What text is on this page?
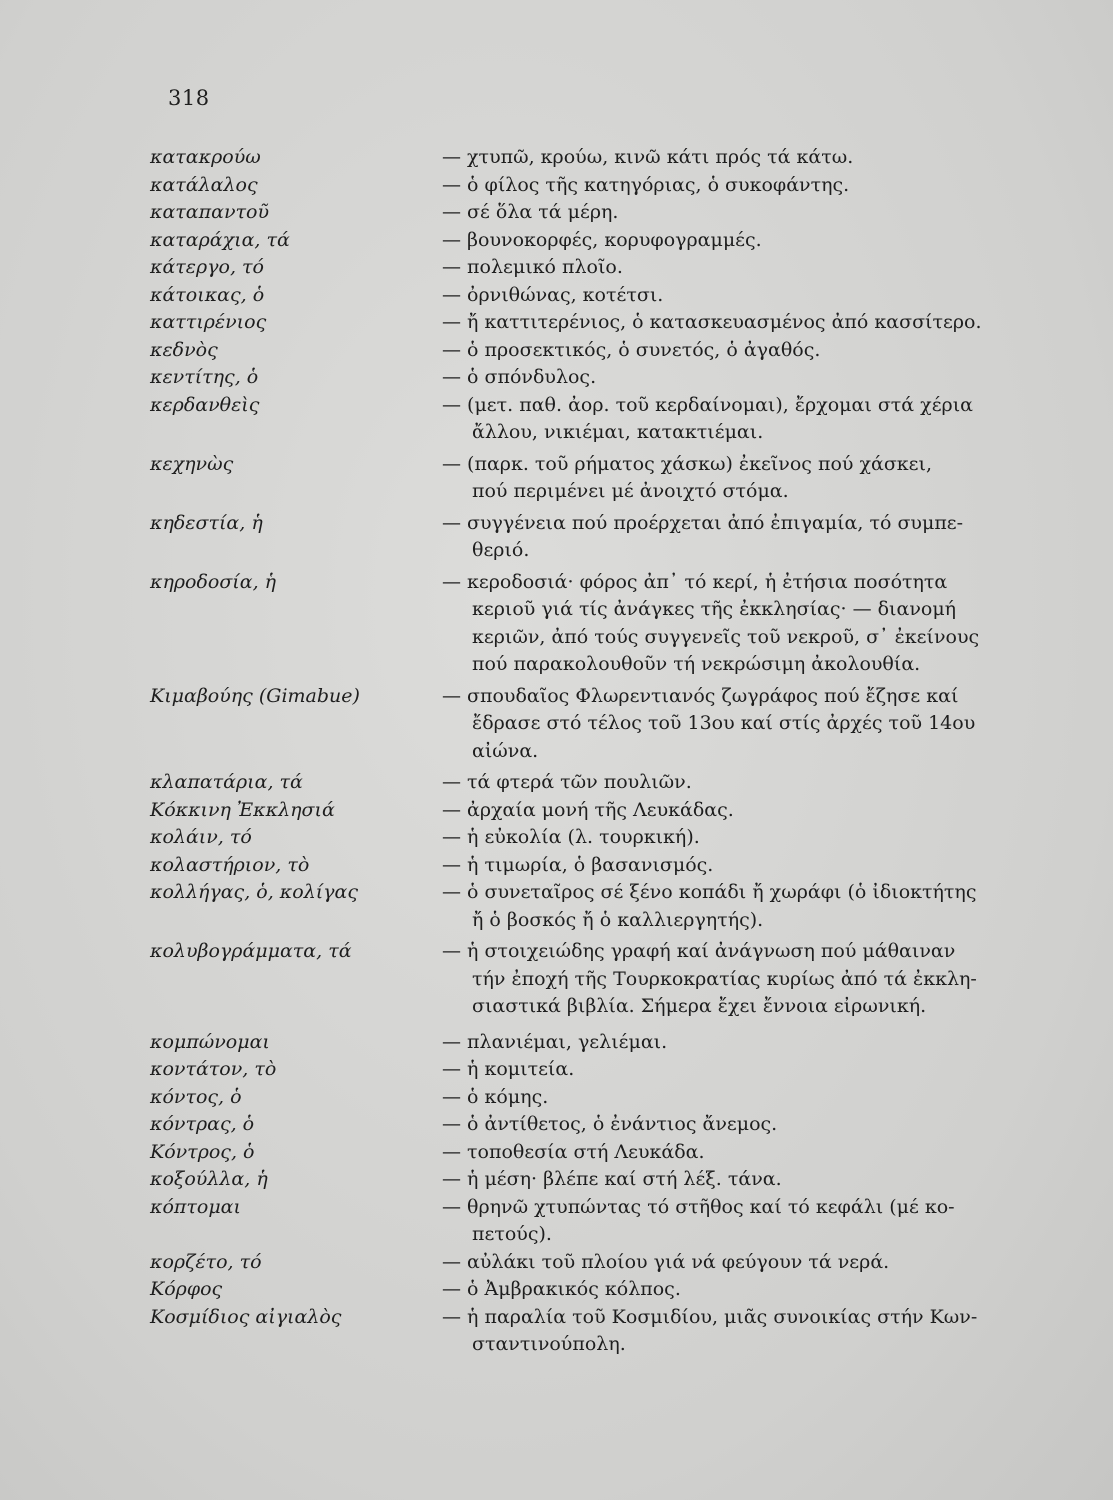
318
κατακρούω	— χτυπῶ, κρούω, κινῶ κάτι πρός τά κάτω.
κατάλαλος	— ὁ φίλος τῆς κατηγόριας, ὁ συκοφάντης.
καταπαντοῦ	— σέ ὅλα τά μέρη.
καταράχια, τά	— βουνοκορφές, κορυφογραμμές.
κάτεργο, τό	— πολεμικό πλοῖο.
κάτοικας, ὁ	— ὀρνιθώνας, κοτέτσι.
καττιρένιος	— ἤ καττιτερένιος, ὁ κατασκευασμένος ἀπό κασσίτερο.
κεδνὸς	— ὁ προσεκτικός, ὁ συνετός, ὁ ἀγαθός.
κεντίτης, ὁ	— ὁ σπόνδυλος.
κερδανθεὶς	— (μετ. παθ. ἀορ. τοῦ κερδαίνομαι), ἔρχομαι στά χέρια
ἄλλου, νικιέμαι, κατακτιέμαι.
κεχηνὼς	— (παρκ. τοῦ ρήματος χάσκω) ἐκεῖνος πού χάσκει,
πού περιμένει μέ ἀνοιχτό στόμα.
κηδεστία, ἡ	— συγγένεια πού προέρχεται ἀπό ἐπιγαμία, τό συμπε-
θεριό.
κηροδοσία, ἡ	— κεροδοσιά· φόρος ἀπ᾽ τό κερί, ἡ ἐτήσια ποσότητα
κεριοῦ γιά τίς ἀνάγκες τῆς ἐκκλησίας· — διανομή
κεριῶν, ἀπό τούς συγγενεῖς τοῦ νεκροῦ, σ᾽ ἐκείνους
πού παρακολουθοῦν τή νεκρώσιμη ἀκολουθία.
Κιμαβούης (Gimabue)	— σπουδαῖος Φλωρεντιανός ζωγράφος πού ἔζησε καί
ἔδρασε στό τέλος τοῦ 13ου καί στίς ἀρχές τοῦ 14ου
αἰώνα.
κλαπατάρια, τά	— τά φτερά τῶν πουλιῶν.
Κόκκινη Ἐκκλησιά	— ἀρχαία μονή τῆς Λευκάδας.
κολάιν, τό	— ἡ εὐκολία (λ. τουρκική).
κολαστήριον, τὸ	— ἡ τιμωρία, ὁ βασανισμός.
κολλήγας, ὁ, κολίγας	— ὁ συνεταῖρος σέ ξένο κοπάδι ἤ χωράφι (ὁ ἰδιοκτήτης
ἤ ὁ βοσκός ἤ ὁ καλλιεργητής).
κολυβογράμματα, τά	— ἡ στοιχειώδης γραφή καί ἀνάγνωση πού μάθαιναν
τήν ἐποχή τῆς Τουρκοκρατίας κυρίως ἀπό τά ἐκκλη-
σιαστικά βιβλία. Σήμερα ἔχει ἔννοια εἰρωνική.
κομπώνομαι	— πλανιέμαι, γελιέμαι.
κοντάτον, τὸ	— ἡ κομιτεία.
κόντος, ὁ	— ὁ κόμης.
κόντρας, ὁ	— ὁ ἀντίθετος, ὁ ἐνάντιος ἄνεμος.
Κόντρος, ὁ	— τοποθεσία στή Λευκάδα.
κοξούλλα, ἡ	— ἡ μέση· βλέπε καί στή λέξ. τάνα.
κόπτομαι	— θρηνῶ χτυπώντας τό στῆθος καί τό κεφάλι (μέ κο-
πετούς).
κορζέτο, τό	— αὐλάκι τοῦ πλοίου γιά νά φεύγουν τά νερά.
Κόρφος	— ὁ Ἀμβρακικός κόλπος.
Κοσμίδιος αἰγιαλὸς	— ἡ παραλία τοῦ Κοσμιδίου, μιᾶς συνοικίας στήν Κων-
σταντινούπολη.
